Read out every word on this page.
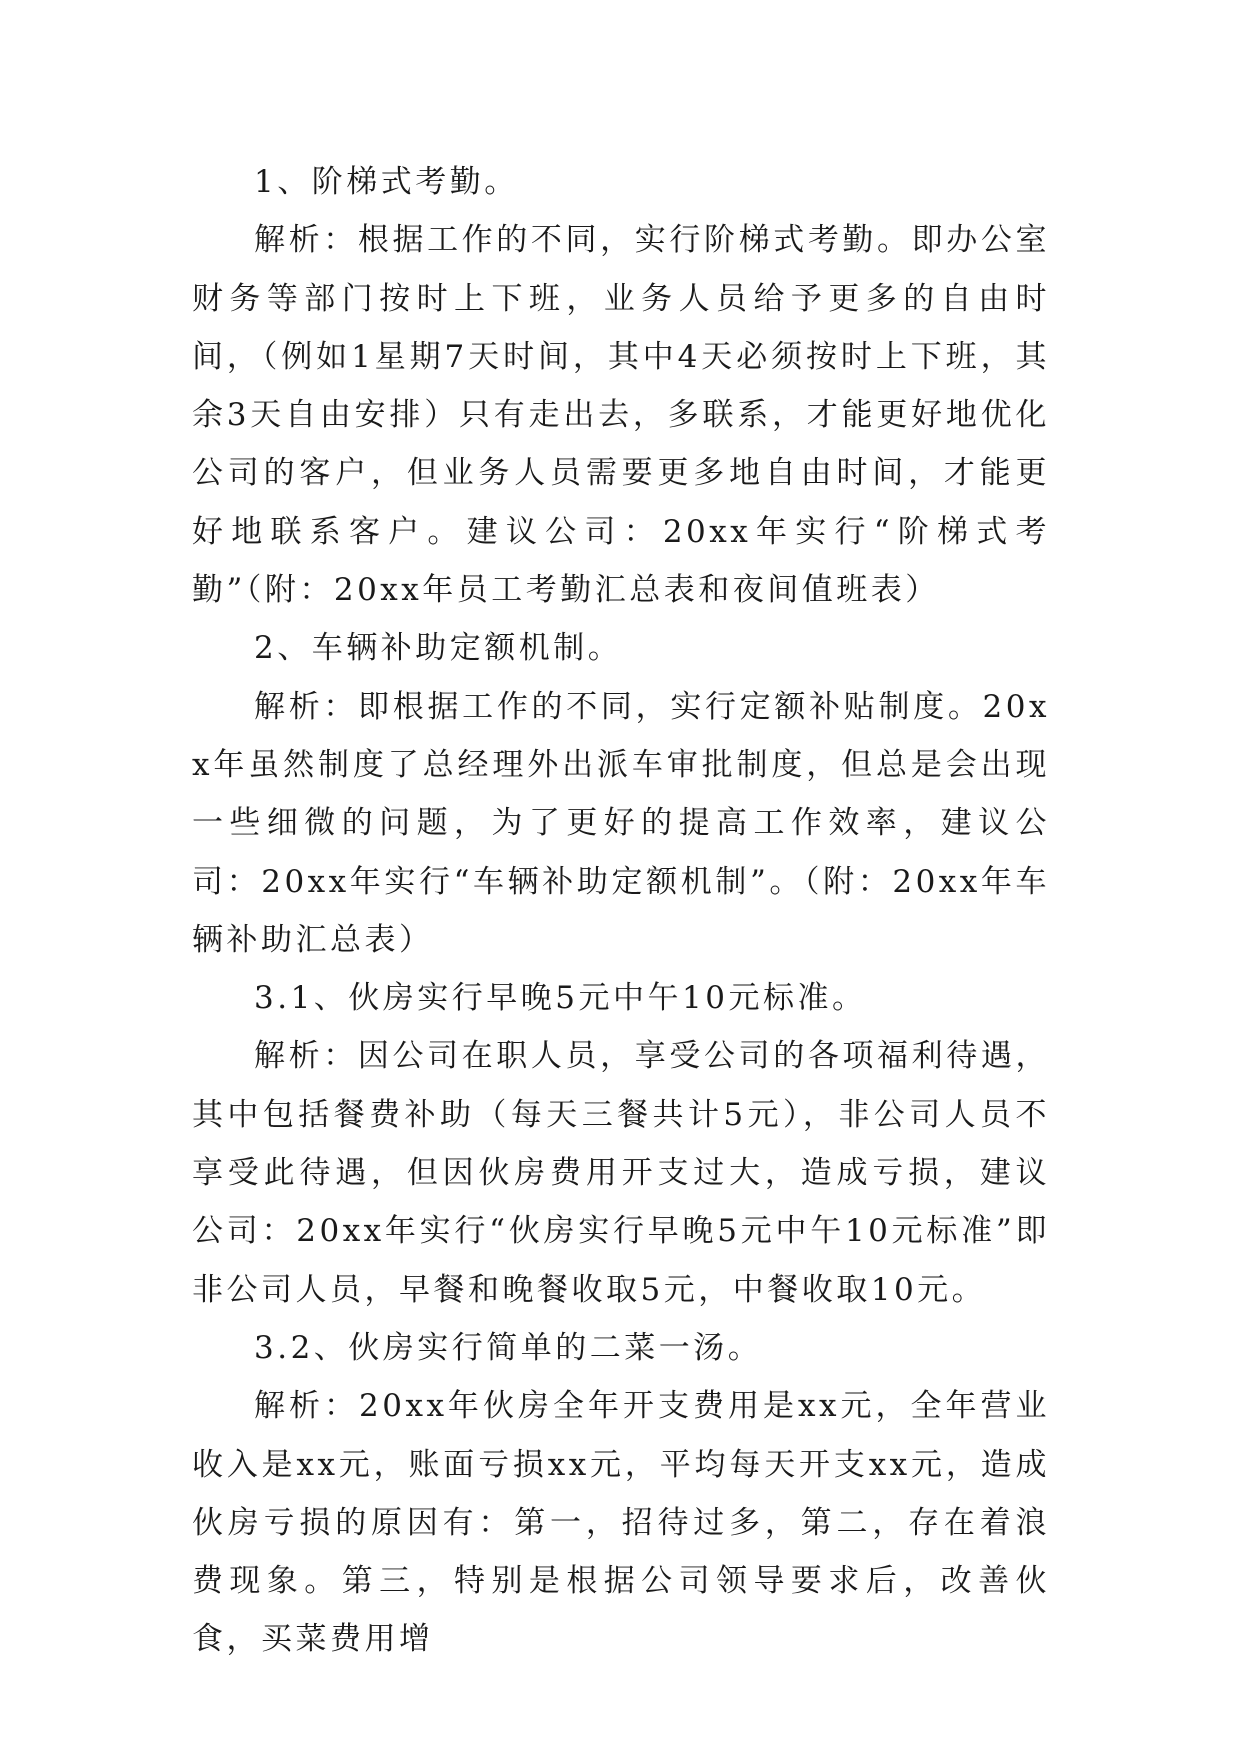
1、阶梯式考勤。

解析：根据工作的不同，实行阶梯式考勤。即办公室财务等部门按时上下班，业务人员给予更多的自由时间，（例如1星期7天时间，其中4天必须按时上下班，其余3天自由安排）只有走出去，多联系，才能更好地优化公司的客户，但业务人员需要更多地自由时间，才能更好地联系客户。建议公司：20xx年实行“阶梯式考勤”（附：20xx年员工考勤汇总表和夜间值班表）

2、车辆补助定额机制。

解析：即根据工作的不同，实行定额补贴制度。20xx年虽然制度了总经理外出派车审批制度，但总是会出现一些细微的问题，为了更好的提高工作效率，建议公司：20xx年实行“车辆补助定额机制”。（附：20xx年车辆补助汇总表）

3.1、伙房实行早晚5元中午10元标准。

解析：因公司在职人员，享受公司的各项福利待遇，其中包括餐费补助（每天三餐共计5元），非公司人员不享受此待遇，但因伙房费用开支过大，造成亏损，建议公司：20xx年实行“伙房实行早晚5元中午10元标准”即非公司人员，早餐和晚餐收取5元，中餐收取10元。

3.2、伙房实行简单的二菜一汤。

解析：20xx年伙房全年开支费用是xx元，全年营业收入是xx元，账面亏损xx元，平均每天开支xx元，造成伙房亏损的原因有：第一，招待过多，第二，存在着浪费现象。第三，特别是根据公司领导要求后，改善伙食，买菜费用增
